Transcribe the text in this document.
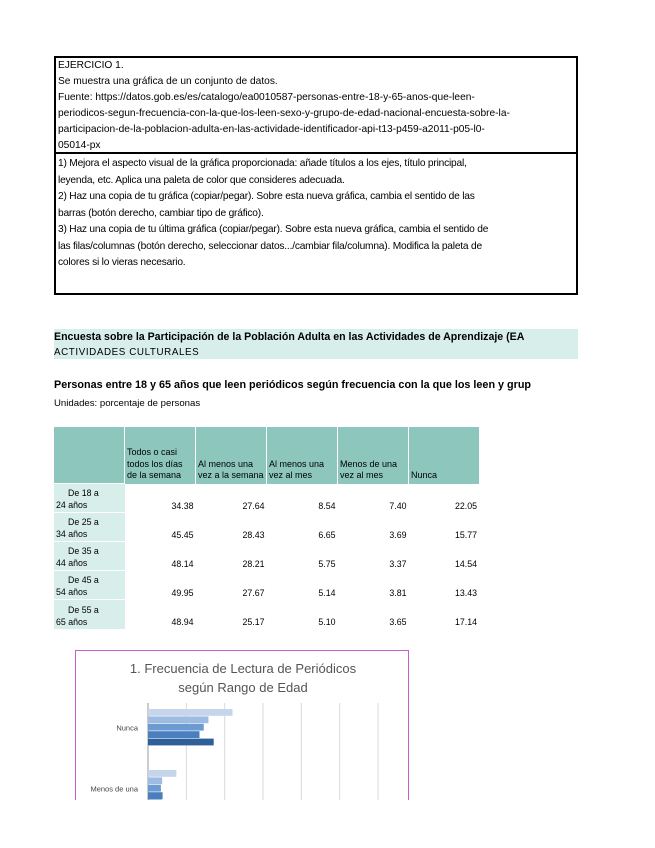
EJERCICIO 1.
Se muestra una gráfica de un conjunto de datos.
Fuente: https://datos.gob.es/es/catalogo/ea0010587-personas-entre-18-y-65-anos-que-leen-
periodicos-segun-frecuencia-con-la-que-los-leen-sexo-y-grupo-de-edad-nacional-encuesta-sobre-la-
participacion-de-la-poblacion-adulta-en-las-actividade-identificador-api-t13-p459-a2011-p05-l0-
05014-px
1) Mejora el aspecto visual de la gráfica proporcionada: añade títulos a los ejes, título principal,
leyenda, etc. Aplica una paleta de color que consideres adecuada.
2) Haz una copia de tu gráfica (copiar/pegar). Sobre esta nueva gráfica, cambia el sentido de las
barras (botón derecho, cambiar tipo de gráfico).
3) Haz una copia de tu última gráfica (copiar/pegar). Sobre esta nueva gráfica, cambia el sentido de
las filas/columnas (botón derecho, seleccionar datos.../cambiar fila/columna). Modifica la paleta de
colores si lo vieras necesario.
Encuesta sobre la Participación de la Población Adulta en las Actividades de Aprendizaje (EA
ACTIVIDADES CULTURALES
Personas entre 18 y 65 años que leen periódicos según frecuencia con la que los leen y grup
Unidades: porcentaje de personas
	Todos o casi todos los días de la semana	Al menos una vez a la semana	Al menos una vez al mes	Menos de una vez al mes	Nunca

De 18 a
24 años	34.38	27.64	8.54	7.40	22.05

De 25 a
34 años	45.45	28.43	6.65	3.69	15.77

De 35 a
44 años	48.14	28.21	5.75	3.37	14.54

De 45 a
54 años	49.95	27.67	5.14	3.81	13.43

De 55 a
65 años	48.94	25.17	5.10	3.65	17.14
1. Frecuencia de Lectura de Periódicos
según Rango de Edad
Nunca
Menos de una
